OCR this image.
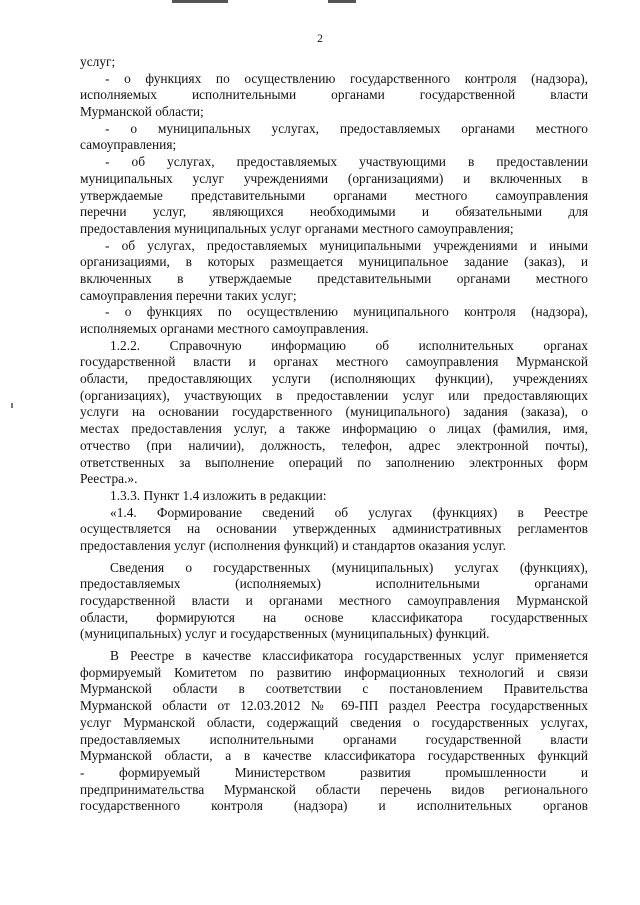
2
услуг;
- о функциях по осуществлению государственного контроля (надзора),
исполняемых исполнительными органами государственной власти
Мурманской области;
- о муниципальных услугах, предоставляемых органами местного
самоуправления;
- об услугах, предоставляемых участвующими в предоставлении
муниципальных услуг учреждениями (организациями) и включенных в
утверждаемые представительными органами местного самоуправления
перечни услуг, являющихся необходимыми и обязательными для
предоставления муниципальных услуг органами местного самоуправления;
- об услугах, предоставляемых муниципальными учреждениями и иными
организациями, в которых размещается муниципальное задание (заказ), и
включенных в утверждаемые представительными органами местного
самоуправления перечни таких услуг;
- о функциях по осуществлению муниципального контроля (надзора),
исполняемых органами местного самоуправления.
1.2.2. Справочную информацию об исполнительных органах
государственной власти и органах местного самоуправления Мурманской
области, предоставляющих услуги (исполняющих функции), учреждениях
(организациях), участвующих в предоставлении услуг или предоставляющих
услуги на основании государственного (муниципального) задания (заказа), о
местах предоставления услуг, а также информацию о лицах (фамилия, имя,
отчество (при наличии), должность, телефон, адрес электронной почты),
ответственных за выполнение операций по заполнению электронных форм
Реестра.».
1.3.3. Пункт 1.4 изложить в редакции:
«1.4. Формирование сведений об услугах (функциях) в Реестре
осуществляется на основании утвержденных административных регламентов
предоставления услуг (исполнения функций) и стандартов оказания услуг.
Сведения о государственных (муниципальных) услугах (функциях),
предоставляемых (исполняемых) исполнительными органами
государственной власти и органами местного самоуправления Мурманской
области, формируются на основе классификатора государственных
(муниципальных) услуг и государственных (муниципальных) функций.
В Реестре в качестве классификатора государственных услуг применяется
формируемый Комитетом по развитию информационных технологий и связи
Мурманской области в соответствии с постановлением Правительства
Мурманской области от 12.03.2012 № 69-ПП раздел Реестра государственных
услуг Мурманской области, содержащий сведения о государственных услугах,
предоставляемых исполнительными органами государственной власти
Мурманской области, а в качестве классификатора государственных функций
- формируемый Министерством развития промышленности и
предпринимательства Мурманской области перечень видов регионального
государственного контроля (надзора) и исполнительных органов
